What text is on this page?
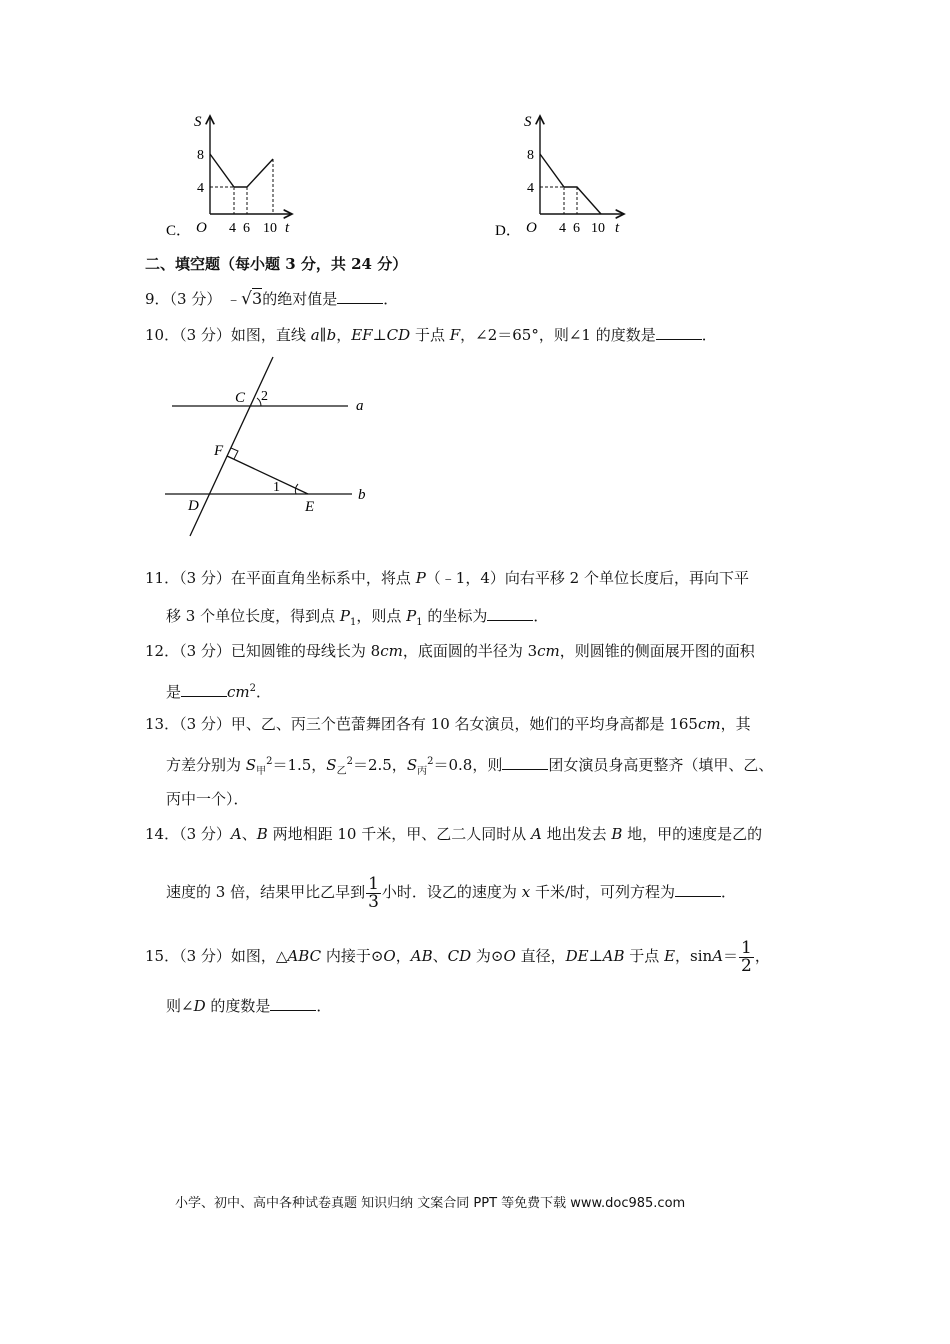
S
8
4
O 4 6 10 t
C．
S
8
4
O 4 6 10 t
D．
二、填空题（每小题 3 分，共 24 分）
9．（3 分） ﹣√3的绝对值是	．
10．（3 分）如图，直线 a∥b，EF⊥CD 于点 F，∠2＝65°，则∠1 的度数是	．
C 2
a
F
1
D	E
b
11．（3 分）在平面直角坐标系中，将点 P（﹣1，4）向右平移 2 个单位长度后，再向下平
移 3 个单位长度，得到点 $P_1$，则点 $P_1$ 的坐标为	．
12．（3 分）已知圆锥的母线长为 8cm，底面圆的半径为 3cm，则圆锥的侧面展开图的面积
是	$cm^2$．
13．（3 分）甲、乙、丙三个芭蕾舞团各有 10 名女演员，她们的平均身高都是 165cm，其
方差分别为 $S_甲^2=1.5$，$S_乙^2=2.5$，$S_丙^2=0.8$，则	团女演员身高更整齐（填甲、乙、
丙中一个）．
14．（3 分）A、B 两地相距 10 千米，甲、乙二人同时从 A 地出发去 B 地，甲的速度是乙的
速度的 3 倍，结果甲比乙早到 $\frac{1}{3}$ 小时．设乙的速度为 x 千米/时，可列方程为	．
15．（3 分）如图，△ABC 内接于⊙O，AB、CD 为⊙O 直径，DE⊥AB 于点 E，$\sin A= \frac{1}{2}$ ，
则∠D 的度数是	．
小学、初中、高中各种试卷真题 知识归纳 文案合同 PPT 等免费下载 www.doc985.com
